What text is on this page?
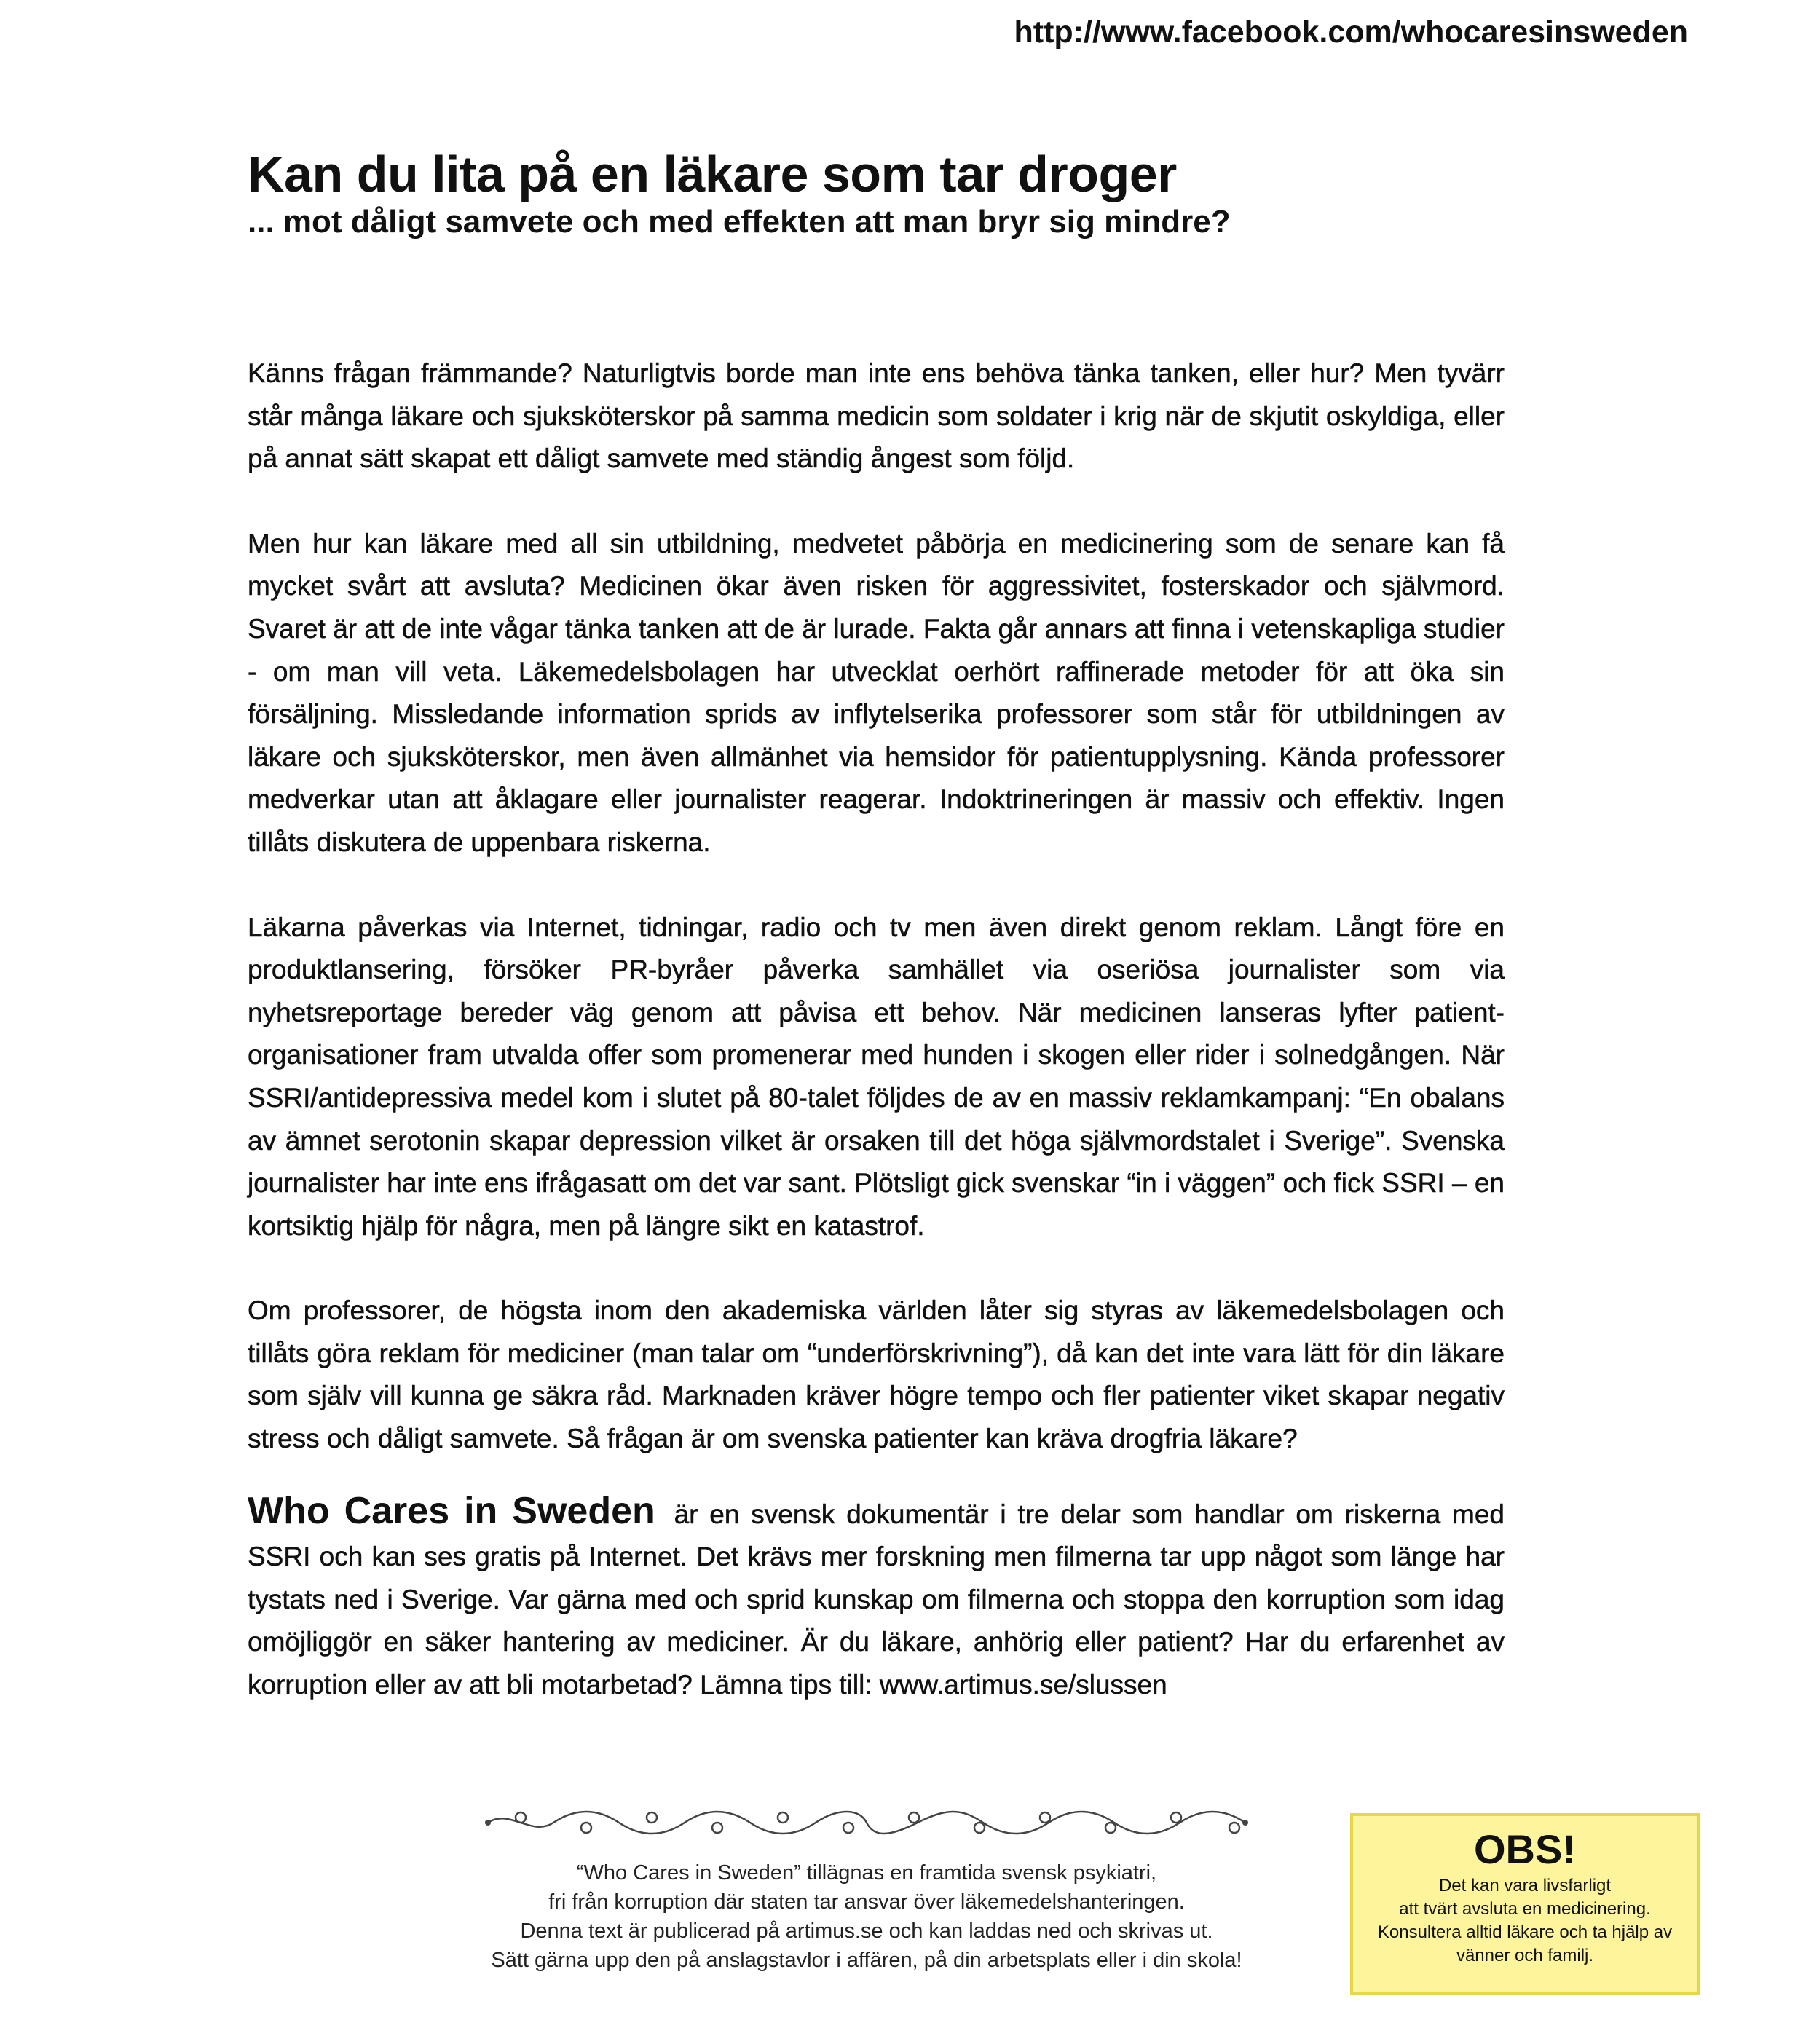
http://www.facebook.com/whocaresinsweden
Kan du lita på en läkare som tar droger
... mot dåligt samvete och med effekten att man bryr sig mindre?

Känns frågan främmande? Naturligtvis borde man inte ens behöva tänka tanken, eller hur? Men tyvärr står många läkare och sjuksköterskor på samma medicin som soldater i krig när de skjutit oskyldiga, eller på annat sätt skapat ett dåligt samvete med ständig ångest som följd.

Men hur kan läkare med all sin utbildning, medvetet påbörja en medicinering som de senare kan få mycket svårt att avsluta? Medicinen ökar även risken för aggressivitet, fosterskador och självmord. Svaret är att de inte vågar tänka tanken att de är lurade. Fakta går annars att finna i vetenskapliga studier - om man vill veta. Läkemedelsbolagen har utvecklat oerhört raffinerade metoder för att öka sin försäljning. Missledande information sprids av inflytelserika professorer som står för utbildningen av läkare och sjuksköterskor, men även allmänhet via hemsidor för patientupplysning. Kända professorer medverkar utan att åklagare eller journalister reagerar. Indoktrineringen är massiv och effektiv. Ingen tillåts diskutera de uppenbara riskerna.

Läkarna påverkas via Internet, tidningar, radio och tv men även direkt genom reklam. Långt före en produktlansering, försöker PR-byråer påverka samhället via oseriösa journalister som via nyhetsreportage bereder väg genom att påvisa ett behov. När medicinen lanseras lyfter patient-organisationer fram utvalda offer som promenerar med hunden i skogen eller rider i solnedgången. När SSRI/antidepressiva medel kom i slutet på 80-talet följdes de av en massiv reklamkampanj: “En obalans av ämnet serotonin skapar depression vilket är orsaken till det höga självmordstalet i Sverige”. Svenska journalister har inte ens ifrågasatt om det var sant. Plötsligt gick svenskar “in i väggen” och fick SSRI – en kortsiktig hjälp för några, men på längre sikt en katastrof.

Om professorer, de högsta inom den akademiska världen låter sig styras av läkemedelsbolagen och tillåts göra reklam för mediciner (man talar om “underförskrivning”), då kan det inte vara lätt för din läkare som själv vill kunna ge säkra råd. Marknaden kräver högre tempo och fler patienter viket skapar negativ stress och dåligt samvete. Så frågan är om svenska patienter kan kräva drogfria läkare?

Who Cares in Sweden är en svensk dokumentär i tre delar som handlar om riskerna med SSRI och kan ses gratis på Internet. Det krävs mer forskning men filmerna tar upp något som länge har tystats ned i Sverige. Var gärna med och sprid kunskap om filmerna och stoppa den korruption som idag omöjliggör en säker hantering av mediciner. Är du läkare, anhörig eller patient? Har du erfarenhet av korruption eller av att bli motarbetad? Lämna tips till: www.artimus.se/slussen

“Who Cares in Sweden” tillägnas en framtida svensk psykiatri,
fri från korruption där staten tar ansvar över läkemedelshanteringen.
Denna text är publicerad på artimus.se och kan laddas ned och skrivas ut.
Sätt gärna upp den på anslagstavlor i affären, på din arbetsplats eller i din skola!
OBS!
Det kan vara livsfarligt
att tvärt avsluta en medicinering.
Konsultera alltid läkare och ta hjälp av
vänner och familj.
